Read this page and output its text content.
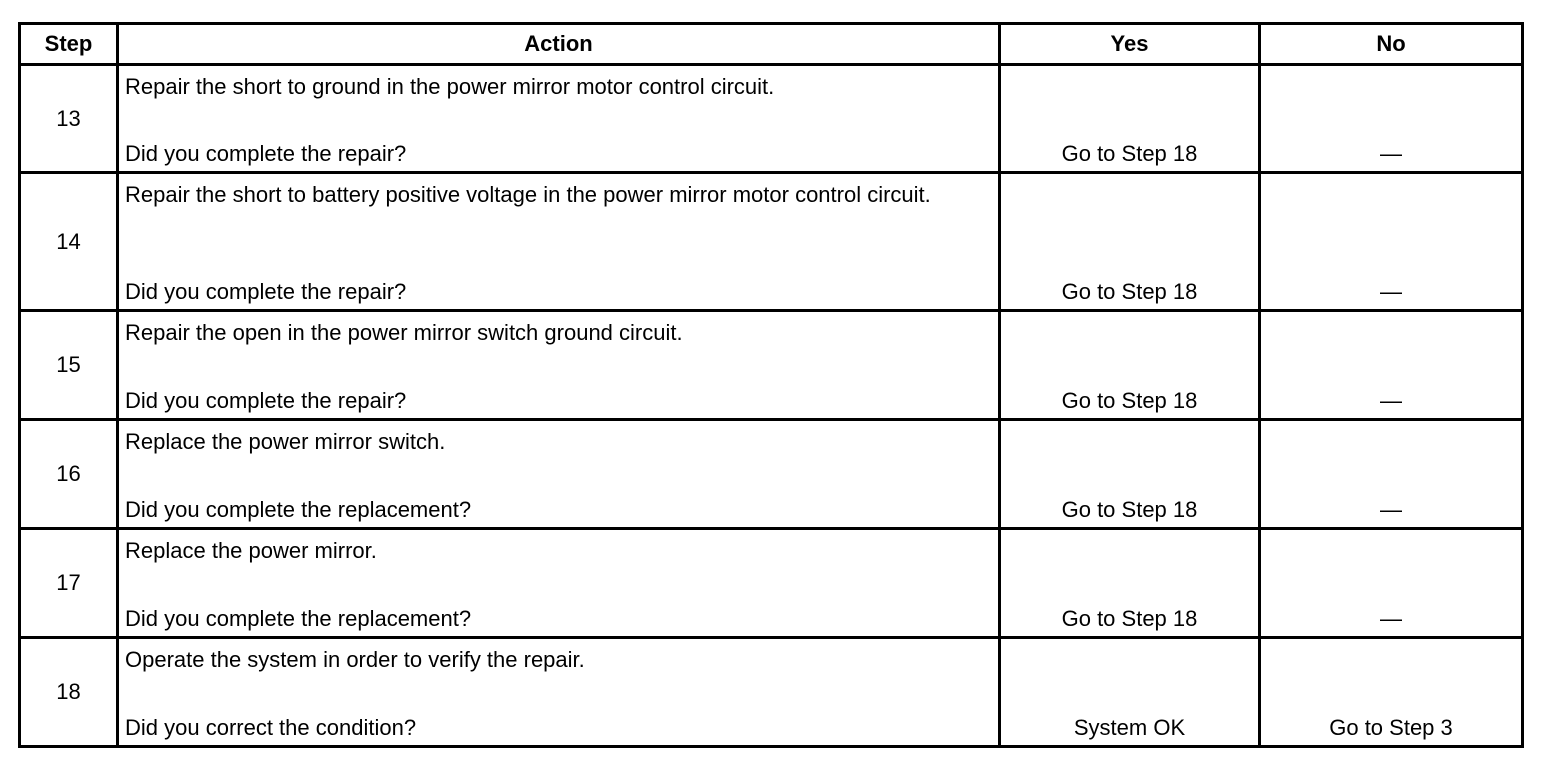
Step	Action	Yes	No
13	Repair the short to ground in the power mirror motor control circuit.
Did you complete the repair?	Go to Step 18	—

14	Repair the short to battery positive voltage in the power mirror motor control circuit.
Did you complete the repair?	Go to Step 18	—

15	Repair the open in the power mirror switch ground circuit.
Did you complete the repair?	Go to Step 18	—

16	Replace the power mirror switch.
Did you complete the replacement?	Go to Step 18	—

17	Replace the power mirror.
Did you complete the replacement?	Go to Step 18	—

18	Operate the system in order to verify the repair.
Did you correct the condition?	System OK	Go to Step 3
